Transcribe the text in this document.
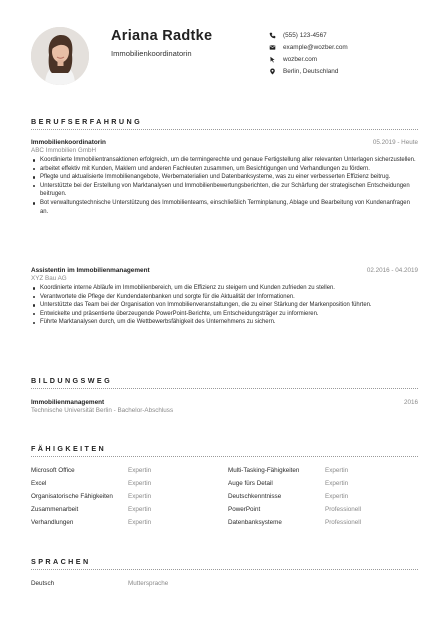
Ariana Radtke
Immobilienkoordinatorin
(555) 123-4567
example@wozber.com
wozber.com
Berlin, Deutschland
BERUFSERFAHRUNG
Immobilienkoordinatorin	05.2019 - Heute
ABC Immobilien GmbH
Koordinierte Immobilientransaktionen erfolgreich, um die termingerechte und genaue Fertigstellung aller relevanten Unterlagen sicherzustellen.
arbeitet effektiv mit Kunden, Maklern und anderen Fachleuten zusammen, um Besichtigungen und Verhandlungen zu fördern.
Pflegte und aktualisierte Immobilienangebote, Werbematerialien und Datenbanksysteme, was zu einer verbesserten Effizienz beitrug.
Unterstützte bei der Erstellung von Marktanalysen und Immobilienbewertungsberichten, die zur Schärfung der strategischen Entscheidungen beitrugen.
Bot verwaltungstechnische Unterstützung des Immobilienteams, einschließlich Terminplanung, Ablage und Bearbeitung von Kundenanfragen an.
Assistentin im Immobilienmanagement	02.2016 - 04.2019
XYZ Bau AG
Koordinierte interne Abläufe im Immobilienbereich, um die Effizienz zu steigern und Kunden zufrieden zu stellen.
Verantwortete die Pflege der Kundendatenbanken und sorgte für die Aktualität der Informationen.
Unterstützte das Team bei der Organisation von Immobilienveranstaltungen, die zu einer Stärkung der Markenposition führten.
Entwickelte und präsentierte überzeugende PowerPoint-Berichte, um Entscheidungsträger zu informieren.
Führte Marktanalysen durch, um die Wettbewerbsfähigkeit des Unternehmens zu sichern.
BILDUNGSWEG
Immobilienmanagement	2016
Technische Universität Berlin - Bachelor-Abschluss
FÄHIGKEITEN
Microsoft Office	Expertin	Multi-Tasking-Fähigkeiten	Expertin
Excel	Expertin	Auge fürs Detail	Expertin
Organisatorische Fähigkeiten Expertin	Deutschkenntnisse	Expertin
Zusammenarbeit	Expertin	PowerPoint	Professionell
Verhandlungen	Expertin	Datenbanksysteme	Professionell
SPRACHEN
Deutsch	Muttersprache
